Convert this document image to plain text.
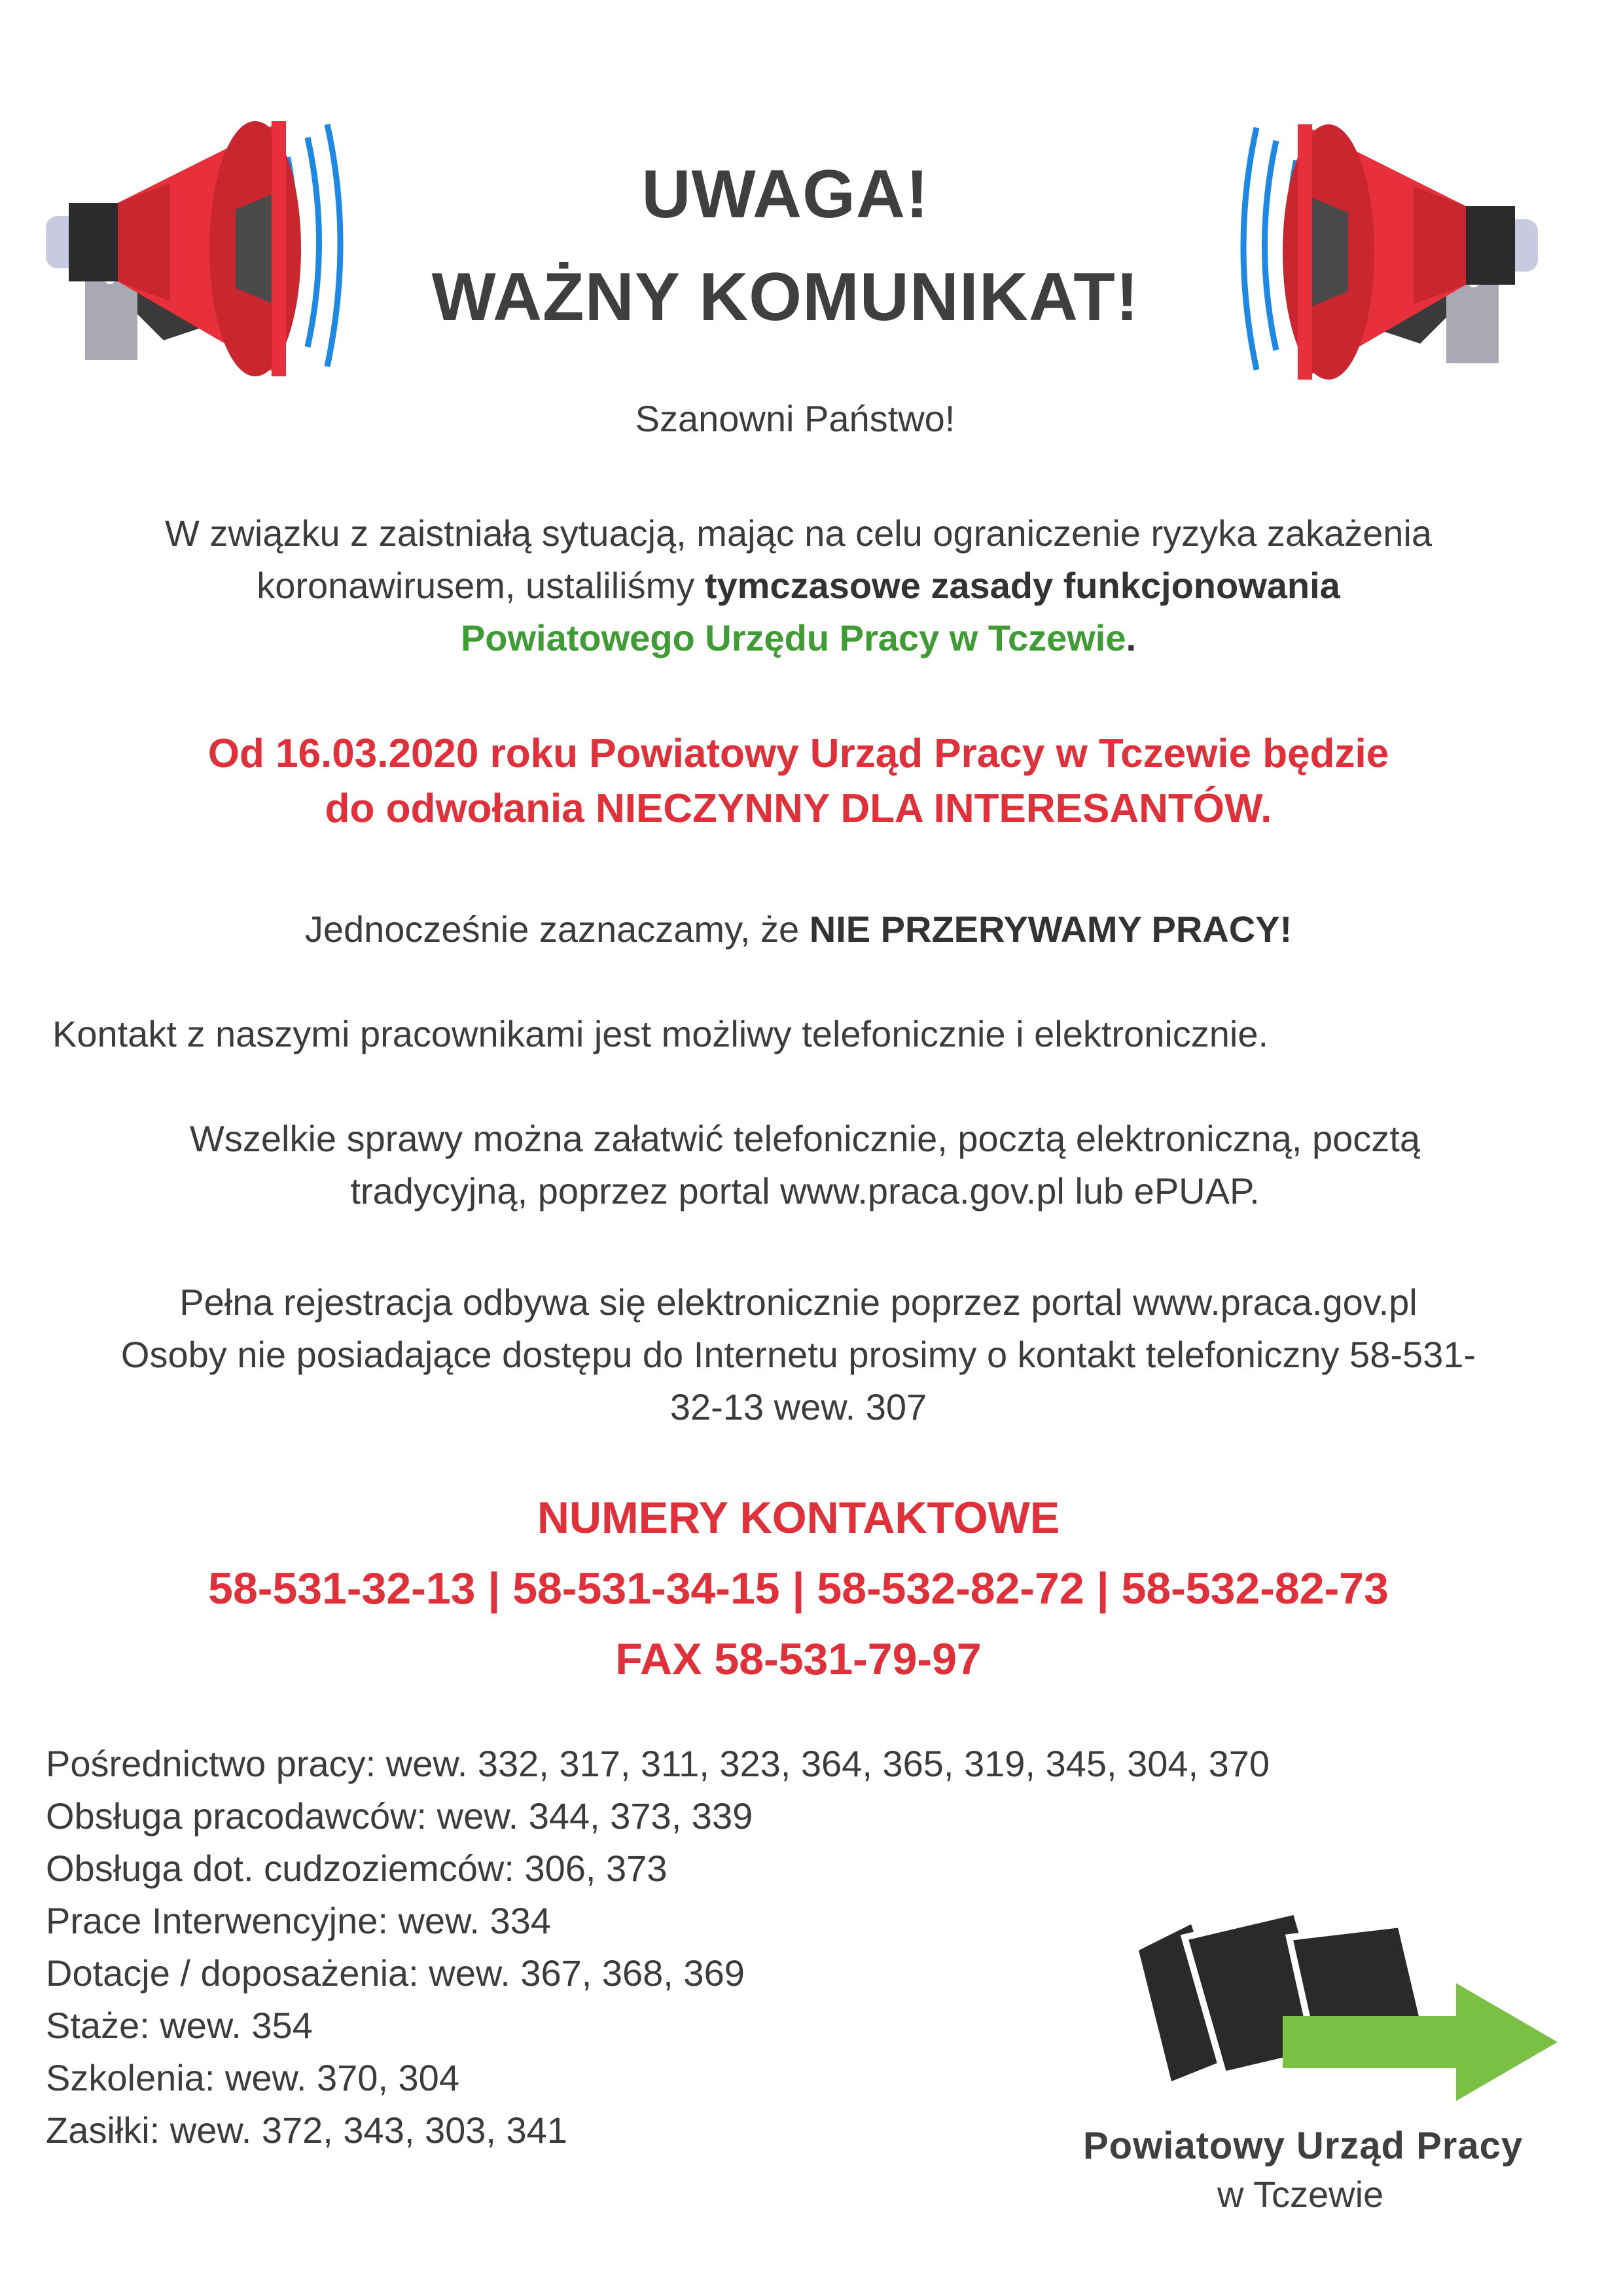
UWAGA!
WAŻNY KOMUNIKAT!
Szanowni Państwo!
W związku z zaistniałą sytuacją, mając na celu ograniczenie ryzyka zakażenia
koronawirusem, ustaliliśmy tymczasowe zasady funkcjonowania
Powiatowego Urzędu Pracy w Tczewie.
Od 16.03.2020 roku Powiatowy Urząd Pracy w Tczewie będzie
do odwołania NIECZYNNY DLA INTERESANTÓW.
Jednocześnie zaznaczamy, że NIE PRZERYWAMY PRACY!
Kontakt z naszymi pracownikami jest możliwy telefonicznie i elektronicznie.
Wszelkie sprawy można załatwić telefonicznie, pocztą elektroniczną, pocztą
tradycyjną, poprzez portal www.praca.gov.pl lub ePUAP.
Pełna rejestracja odbywa się elektronicznie poprzez portal www.praca.gov.pl
Osoby nie posiadające dostępu do Internetu prosimy o kontakt telefoniczny 58-531-
32-13 wew. 307
NUMERY KONTAKTOWE
58-531-32-13 | 58-531-34-15 | 58-532-82-72 | 58-532-82-73
FAX 58-531-79-97
Pośrednictwo pracy: wew. 332, 317, 311, 323, 364, 365, 319, 345, 304, 370
Obsługa pracodawców: wew. 344, 373, 339
Obsługa dot. cudzoziemców: 306, 373
Prace Interwencyjne: wew. 334
Dotacje / doposażenia: wew. 367, 368, 369
Staże: wew. 354
Szkolenia: wew. 370, 304
Zasiłki: wew. 372, 343, 303, 341	Powiatowy Urząd Pracy
w Tczewie
